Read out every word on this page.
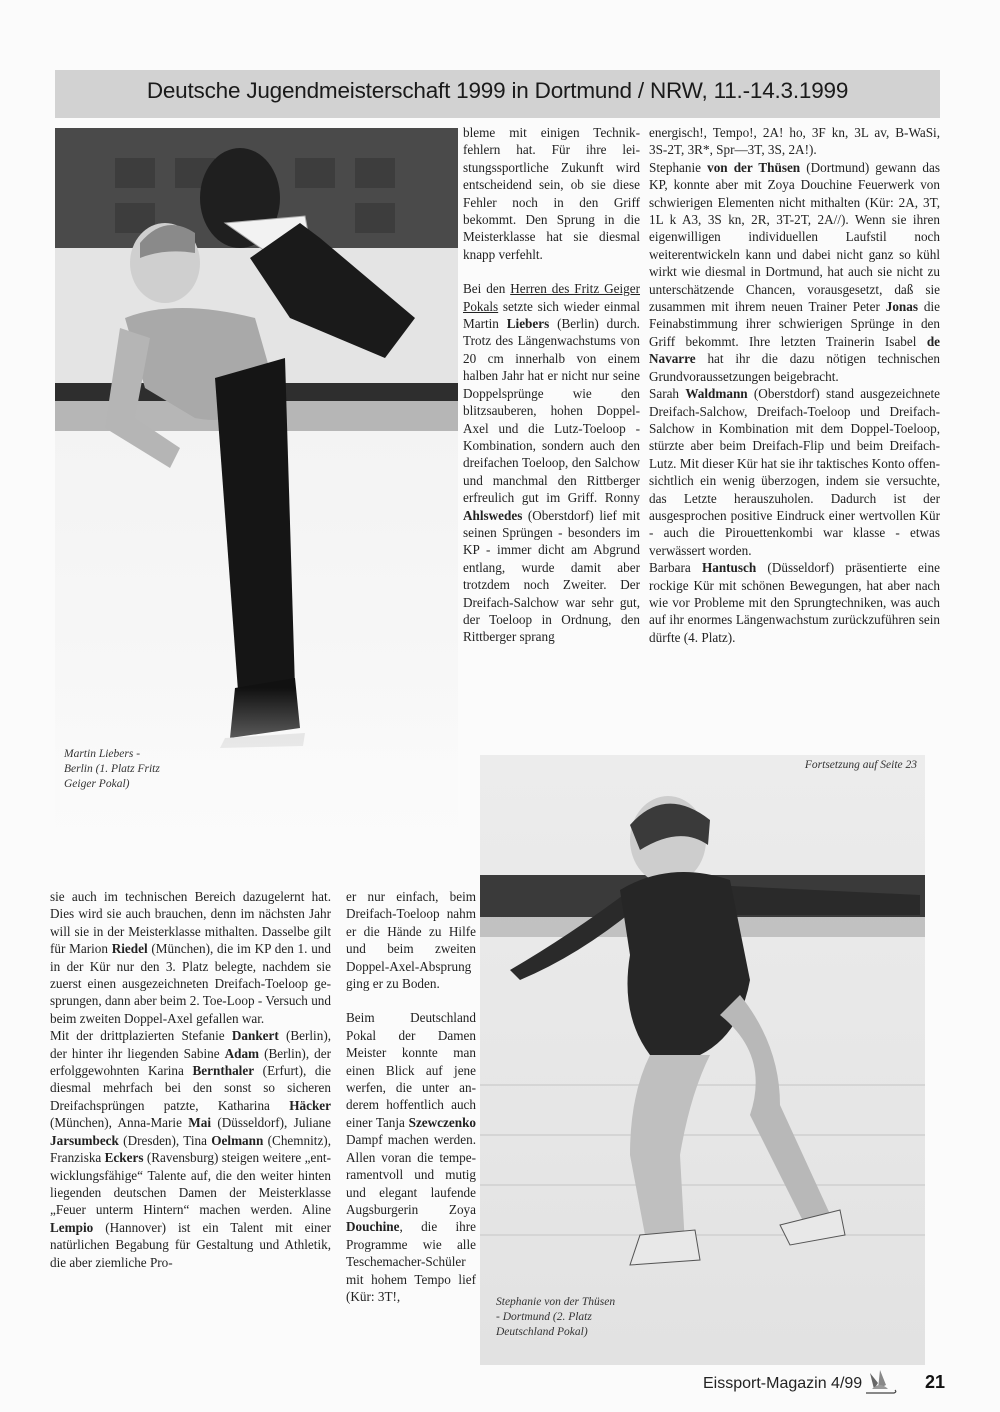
Deutsche Jugendmeisterschaft 1999 in Dortmund / NRW, 11.-14.3.1999
Martin Liebers -
Berlin (1. Platz Fritz
Geiger Pokal)

bleme mit einigen Technikfehlern hat. Für ihre leistungssportliche Zukunft wird entscheidend sein, ob sie diese Fehler noch in den Griff bekommt. Den Sprung in die Meisterklasse hat sie diesmal knapp verfehlt.

Bei den Herren des Fritz Geiger Pokals setzte sich wieder einmal Martin Liebers (Berlin) durch. Trotz des Längenwachstums von 20 cm innerhalb von einem halben Jahr hat er nicht nur seine Doppelsprünge wie den blitzsauberen, hohen Doppel-Axel und die Lutz-Toeloop - Kombination, sondern auch den dreifachen Toeloop, den Salchow und manchmal den Rittberger erfreulich gut im Griff. Ronny Ahlswedes (Oberstdorf) lief mit seinen Sprüngen - besonders im KP - immer dicht am Abgrund entlang, wurde damit aber trotzdem noch Zweiter. Der Dreifach-Salchow war sehr gut, der Toeloop in Ordnung, den Rittberger sprang

energisch!, Tempo!, 2A! ho, 3F kn, 3L av, B-WaSi, 3S-2T, 3R*, Spr—3T, 3S, 2A!).

Stephanie von der Thüsen (Dortmund) gewann das KP, konnte aber mit Zoya Douchine Feuerwerk von schwierigen Elementen nicht mithalten (Kür: 2A, 3T, 1L k A3, 3S kn, 2R, 3T-2T, 2A//). Wenn sie ihren eigenwilligen individuellen Laufstil noch weiterentwickeln kann und dabei nicht ganz so kühl wirkt wie diesmal in Dortmund, hat auch sie nicht zu unterschätzende Chancen, vorausgesetzt, daß sie zusammen mit ihrem neuen Trainer Peter Jonas die Feinabstimmung ihrer schwierigen Sprünge in den Griff bekommt. Ihre letzten Trainerin Isabel de Navarre hat ihr die dazu nötigen technischen Grundvoraussetzungen beigebracht.

Sarah Waldmann (Oberstdorf) stand ausgezeichnete Dreifach-Salchow, Dreifach-Toeloop und Dreifach-Salchow in Kombination mit dem Doppel-Toeloop, stürzte aber beim Dreifach-Flip und beim Dreifach-Lutz. Mit dieser Kür hat sie ihr taktisches Konto offensichtlich ein wenig überzogen, indem sie versuchte, das Letzte herauszuholen. Dadurch ist der ausgesprochen positive Eindruck einer wertvollen Kür - auch die Pirouettenkombi war klasse - etwas verwässert worden.

Barbara Hantusch (Düsseldorf) präsentierte eine rockige Kür mit schönen Bewegungen, hat aber nach wie vor Probleme mit den Sprungtechniken, was auch auf ihr enormes Längenwachstum zurückzuführen sein dürfte (4. Platz).

Fortsetzung auf Seite 23
Stephanie von der Thüsen
- Dortmund (2. Platz
Deutschland Pokal)

sie auch im technischen Bereich dazugelernt hat. Dies wird sie auch brauchen, denn im nächsten Jahr will sie in der Meisterklasse mithalten. Dasselbe gilt für Marion Riedel (München), die im KP den 1. und in der Kür nur den 3. Platz belegte, nachdem sie zuerst einen ausgezeichneten Dreifach-Toeloop gesprungen, dann aber beim 2. Toe-Loop - Versuch und beim zweiten Doppel-Axel gefallen war.

Mit der drittplazierten Stefanie Dankert (Berlin), der hinter ihr liegenden Sabine Adam (Berlin), der erfolggewohnten Karina Bernthaler (Erfurt), die diesmal mehrfach bei den sonst so sicheren Dreifachsprüngen patzte, Katharina Häcker (München), Anna-Marie Mai (Düsseldorf), Juliane Jarsumbeck (Dresden), Tina Oelmann (Chemnitz), Franziska Eckers (Ravensburg) steigen weitere „entwicklungsfähige“ Talente auf, die den weiter hinten liegenden deutschen Damen der Meisterklasse „Feuer unterm Hintern“ machen werden. Aline Lempio (Hannover) ist ein Talent mit einer natürlichen Begabung für Gestaltung und Athletik, die aber ziemliche Pro-

er nur einfach, beim Dreifach-Toeloop nahm er die Hände zu Hilfe und beim zweiten Doppel-Axel-Absprung ging er zu Boden.

Beim Deutschland Pokal der Damen Meister konnte man einen Blick auf jene werfen, die unter anderem hoffentlich auch einer Tanja Szewczenko Dampf machen werden. Allen voran die temperamentvoll und mutig und elegant laufende Augsburgerin Zoya Douchine, die ihre Programme wie alle Teschemacher-Schüler mit hohem Tempo lief (Kür: 3T!,

Eissport-Magazin 4/99	21
